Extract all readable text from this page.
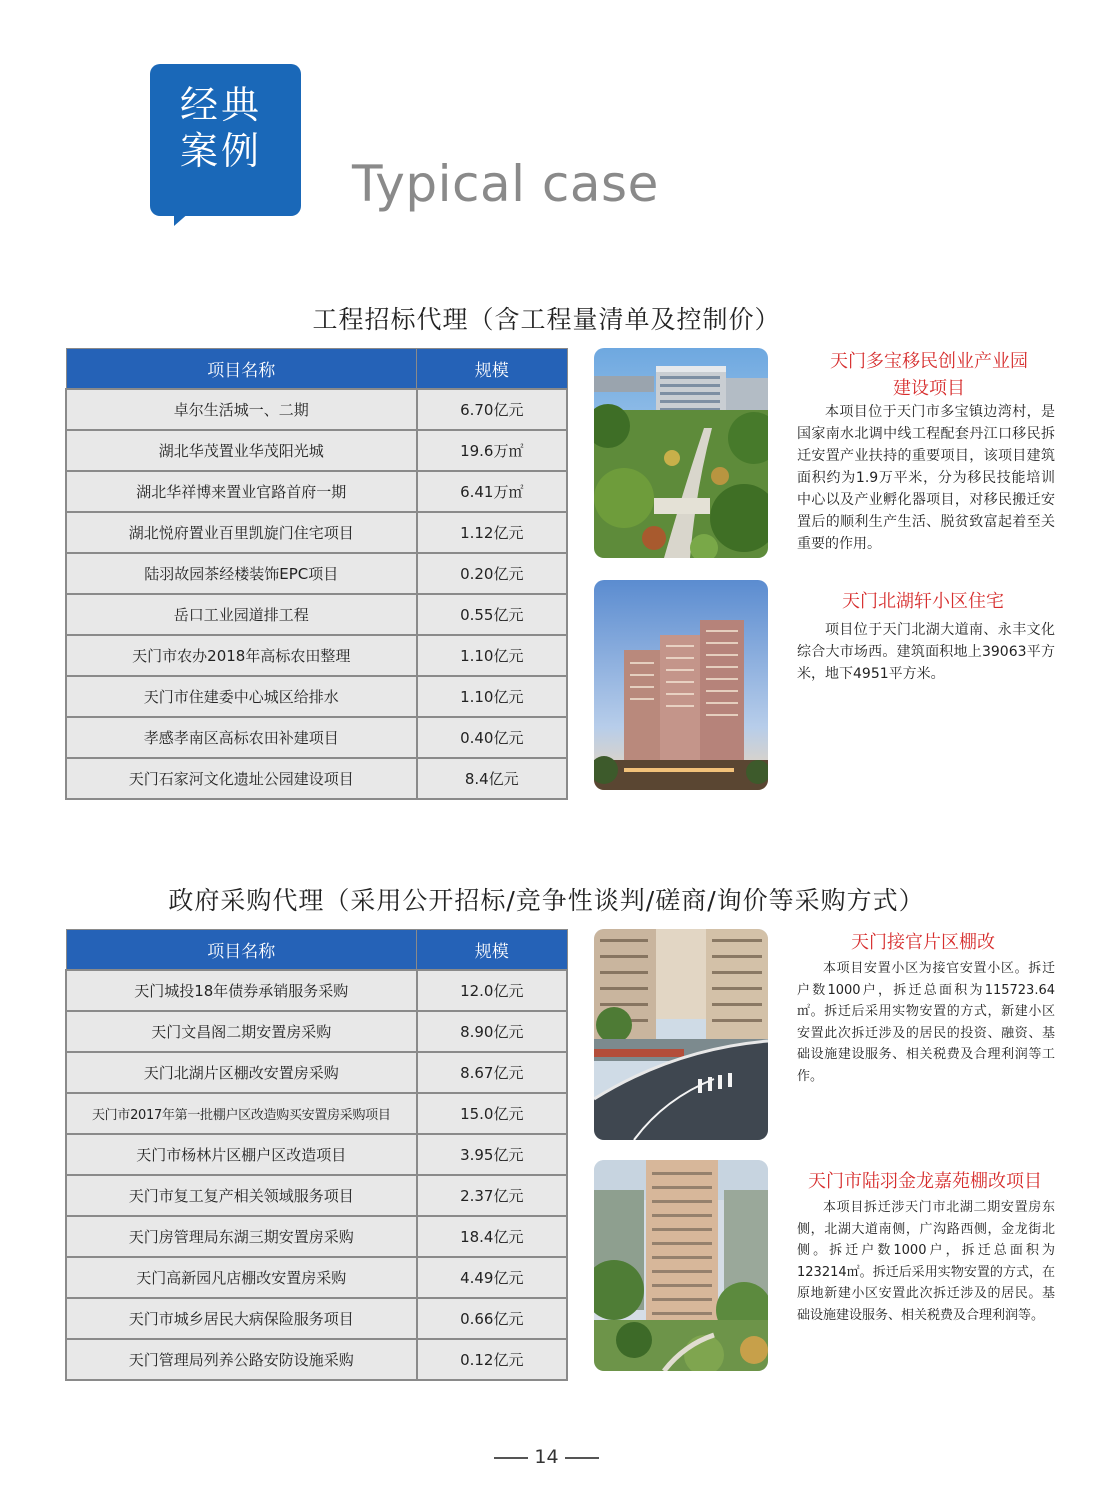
经典
案例
Typical case
工程招标代理（含工程量清单及控制价）
项目名称	规模
卓尔生活城一、二期	6.70亿元
湖北华茂置业华茂阳光城	19.6万㎡
湖北华祥博来置业官路首府一期	6.41万㎡
湖北悦府置业百里凯旋门住宅项目	1.12亿元
陆羽故园茶经楼装饰EPC项目	0.20亿元
岳口工业园道排工程	0.55亿元
天门市农办2018年高标农田整理	1.10亿元
天门市住建委中心城区给排水	1.10亿元
孝感孝南区高标农田补建项目	0.40亿元
天门石家河文化遗址公园建设项目	8.4亿元
天门多宝移民创业产业园
建设项目
本项目位于天门市多宝镇边湾村，是国家南水北调中线工程配套丹江口移民拆迁安置产业扶持的重要项目，该项目建筑面积约为1.9万平米，分为移民技能培训中心以及产业孵化器项目，对移民搬迁安置后的顺利生产生活、脱贫致富起着至关重要的作用。
天门北湖轩小区住宅
项目位于天门北湖大道南、永丰文化综合大市场西。建筑面积地上39063平方米，地下4951平方米。
政府采购代理（采用公开招标/竞争性谈判/磋商/询价等采购方式）
项目名称	规模
天门城投18年债券承销服务采购	12.0亿元
天门文昌阁二期安置房采购	8.90亿元
天门北湖片区棚改安置房采购	8.67亿元
天门市2017年第一批棚户区改造购买安置房采购项目	15.0亿元
天门市杨林片区棚户区改造项目	3.95亿元
天门市复工复产相关领域服务项目	2.37亿元
天门房管理局东湖三期安置房采购	18.4亿元
天门高新园凡店棚改安置房采购	4.49亿元
天门市城乡居民大病保险服务项目	0.66亿元
天门管理局列养公路安防设施采购	0.12亿元
天门接官片区棚改
本项目安置小区为接官安置小区。拆迁户数1000户，拆迁总面积为115723.64㎡。拆迁后采用实物安置的方式，新建小区安置此次拆迁涉及的居民的投资、融资、基础设施建设服务、相关税费及合理利润等工作。
天门市陆羽金龙嘉苑棚改项目
本项目拆迁涉天门市北湖二期安置房东侧，北湖大道南侧，广沟路西侧，金龙街北侧。拆迁户数1000户，拆迁总面积为123214㎡。拆迁后采用实物安置的方式，在原地新建小区安置此次拆迁涉及的居民。基础设施建设服务、相关税费及合理利润等。
14
